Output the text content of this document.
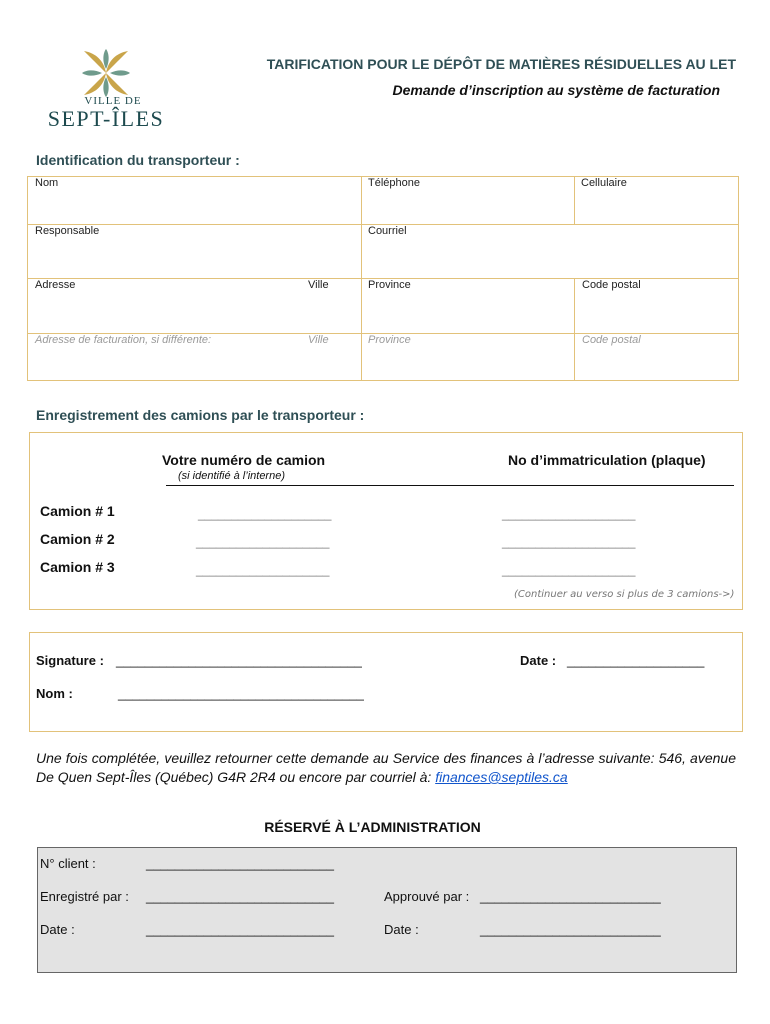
VILLE DE
SEPT-ÎLES
TARIFICATION POUR LE DÉPÔT DE MATIÈRES RÉSIDUELLES AU LET
Demande d’inscription au système de facturation
Identification du transporteur :
Nom	Téléphone	Cellulaire
Responsable	Courriel
Adresse	Ville	Province	Code postal
Adresse de facturation, si différente:	Ville	Province	Code postal
Enregistrement des camions par le transporteur :
Votre numéro de camion
(si identifié à l’interne)
No d’immatriculation (plaque)
Camion # 1	____________________	____________________
Camion # 2	____________________	____________________
Camion # 3	____________________	____________________
(Continuer au verso si plus de 3 camions->)
Signature : __________________________________	Date : ___________________
Nom :	__________________________________
Une fois complétée, veuillez retourner cette demande au Service des finances à l’adresse suivante: 546, avenue De Quen Sept-Îles (Québec) G4R 2R4 ou encore par courriel à: finances@septiles.ca
RÉSERVÉ À L’ADMINISTRATION
N° client :	__________________________
Enregistré par : __________________________	Approuvé par : _________________________
Date :	__________________________	Date :	_________________________
